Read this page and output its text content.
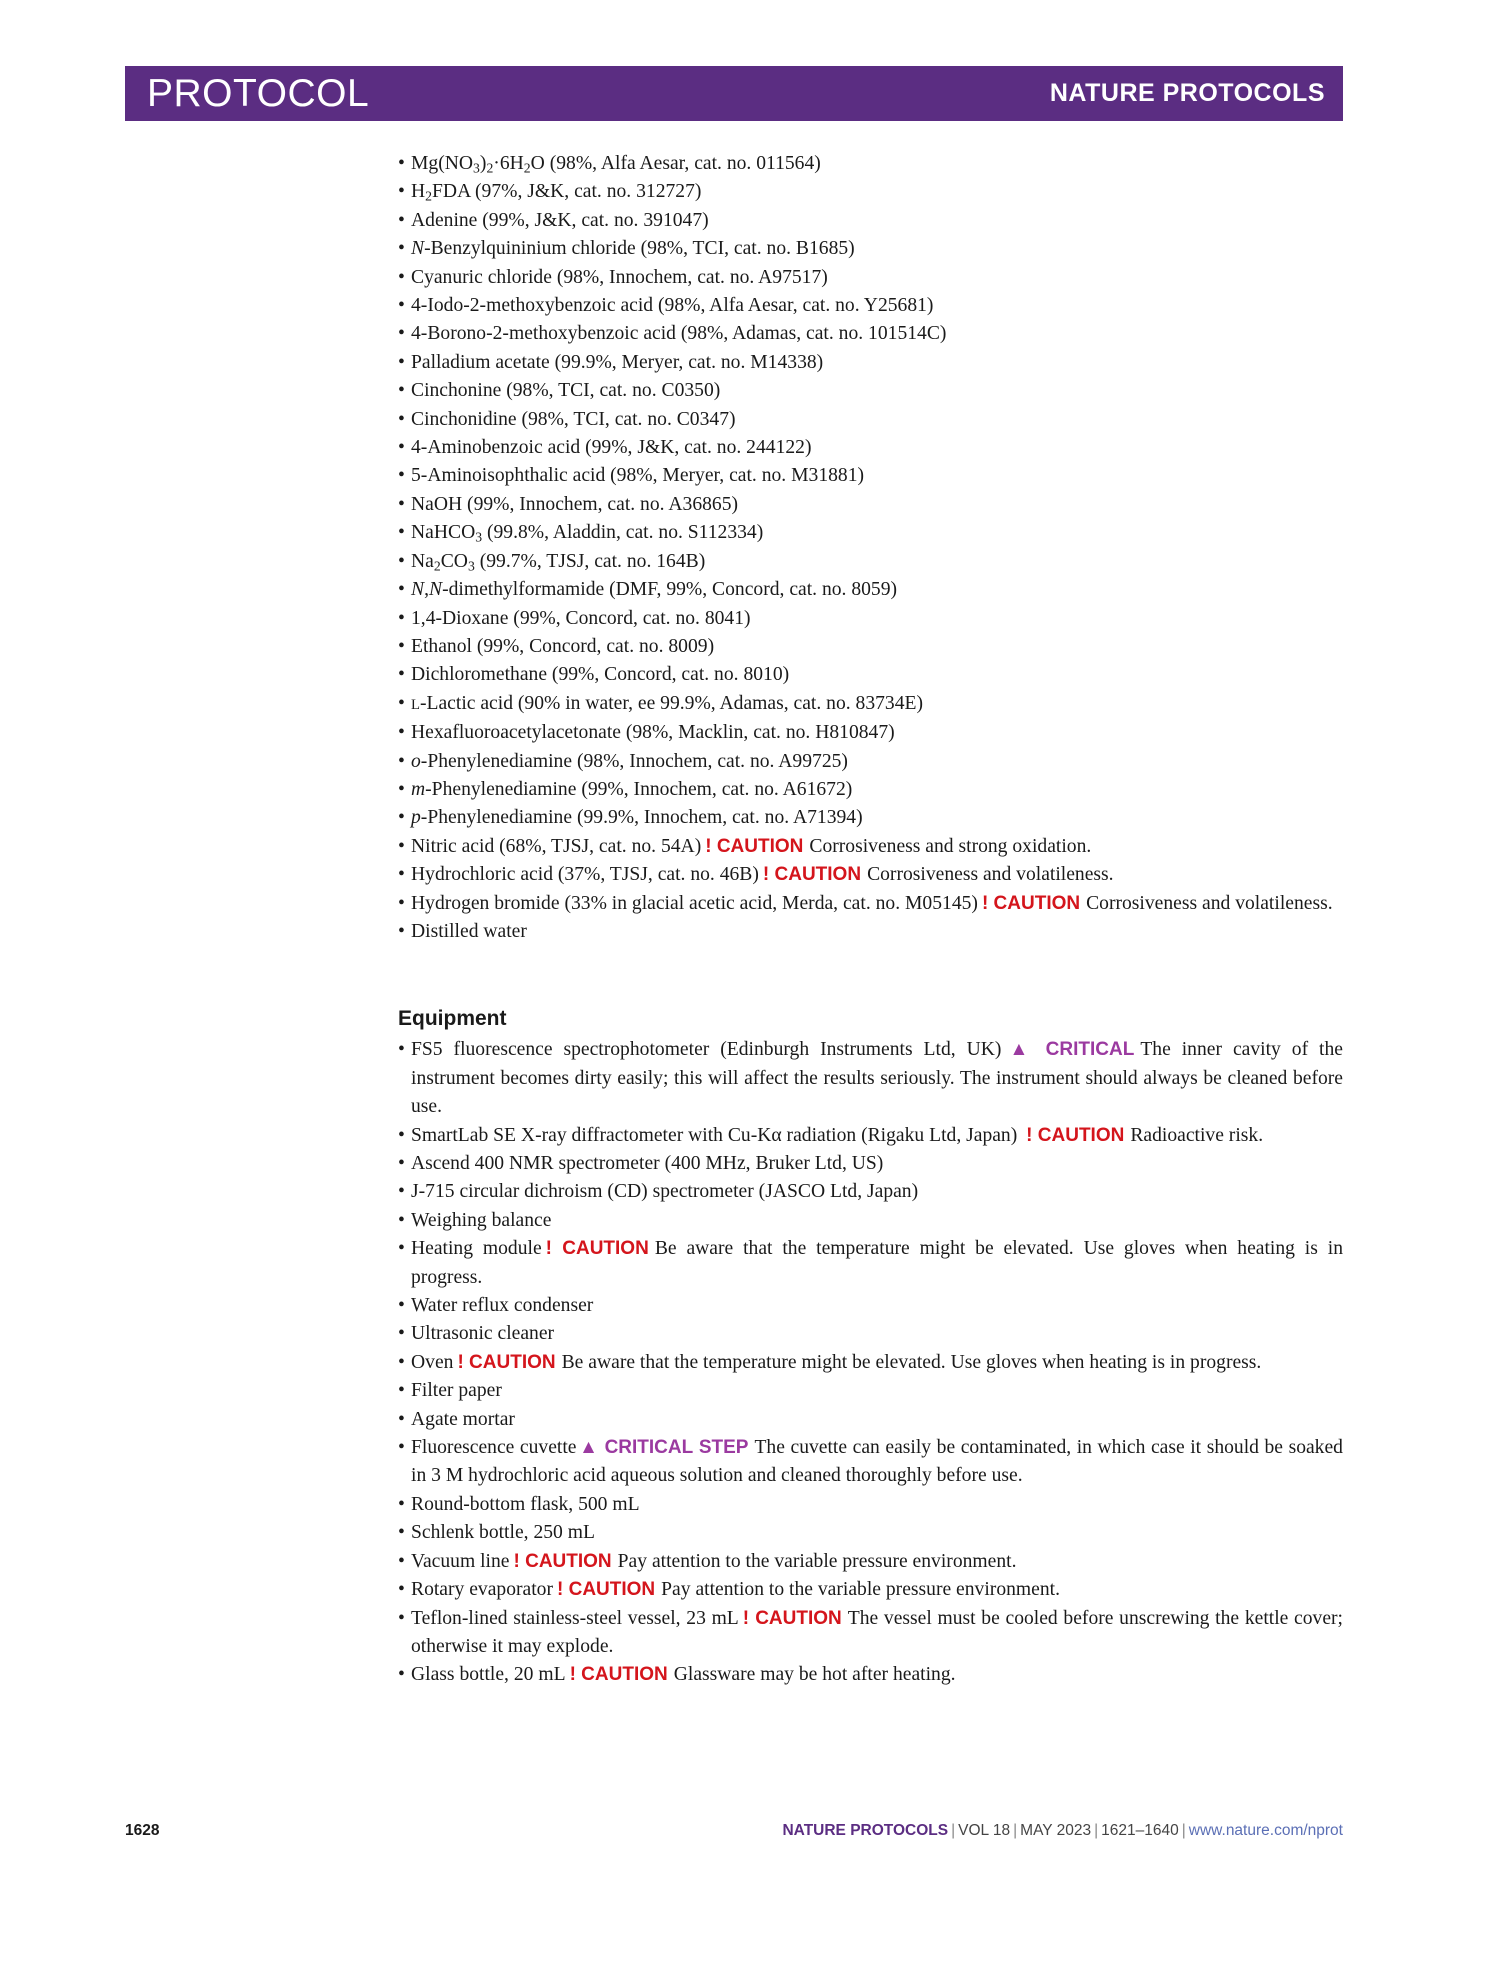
PROTOCOL	NATURE PROTOCOLS
• $Mg(NO_3)_2\cdot 6H_2O$ (98%, Alfa Aesar, cat. no. 011564)
• $H_2FDA$ (97%, J&K, cat. no. 312727)
• Adenine (99%, J&K, cat. no. 391047)
• N-Benzylquininium chloride (98%, TCI, cat. no. B1685)
• Cyanuric chloride (98%, Innochem, cat. no. A97517)
• 4-Iodo-2-methoxybenzoic acid (98%, Alfa Aesar, cat. no. Y25681)
• 4-Borono-2-methoxybenzoic acid (98%, Adamas, cat. no. 101514C)
• Palladium acetate (99.9%, Meryer, cat. no. M14338)
• Cinchonine (98%, TCI, cat. no. C0350)
• Cinchonidine (98%, TCI, cat. no. C0347)
• 4-Aminobenzoic acid (99%, J&K, cat. no. 244122)
• 5-Aminoisophthalic acid (98%, Meryer, cat. no. M31881)
• NaOH (99%, Innochem, cat. no. A36865)
• NaHCO$_3$ (99.8%, Aladdin, cat. no. S112334)
• $Na_2CO_3$ (99.7%, TJSJ, cat. no. 164B)
• N,N-dimethylformamide (DMF, 99%, Concord, cat. no. 8059)
• 1,4-Dioxane (99%, Concord, cat. no. 8041)
• Ethanol (99%, Concord, cat. no. 8009)
• Dichloromethane (99%, Concord, cat. no. 8010)
• L-Lactic acid (90% in water, ee 99.9%, Adamas, cat. no. 83734E)
• Hexafluoroacetylacetonate (98%, Macklin, cat. no. H810847)
• o-Phenylenediamine (98%, Innochem, cat. no. A99725)
• m-Phenylenediamine (99%, Innochem, cat. no. A61672)
• p-Phenylenediamine (99.9%, Innochem, cat. no. A71394)
• Nitric acid (68%, TJSJ, cat. no. 54A) ! CAUTION Corrosiveness and strong oxidation.
• Hydrochloric acid (37%, TJSJ, cat. no. 46B) ! CAUTION Corrosiveness and volatileness.
• Hydrogen bromide (33% in glacial acetic acid, Merda, cat. no. M05145) ! CAUTION Corrosiveness and volatileness.
• Distilled water
Equipment
• FS5 fluorescence spectrophotometer (Edinburgh Instruments Ltd, UK) ▲ CRITICAL The inner cavity of the instrument becomes dirty easily; this will affect the results seriously. The instrument should always be cleaned before use.
• SmartLab SE X-ray diffractometer with Cu-Kα radiation (Rigaku Ltd, Japan) ! CAUTION Radioactive risk.
• Ascend 400 NMR spectrometer (400 MHz, Bruker Ltd, US)
• J-715 circular dichroism (CD) spectrometer (JASCO Ltd, Japan)
• Weighing balance
• Heating module ! CAUTION Be aware that the temperature might be elevated. Use gloves when heating is in progress.
• Water reflux condenser
• Ultrasonic cleaner
• Oven ! CAUTION Be aware that the temperature might be elevated. Use gloves when heating is in progress.
• Filter paper
• Agate mortar
• Fluorescence cuvette ▲ CRITICAL STEP The cuvette can easily be contaminated, in which case it should be soaked in 3 M hydrochloric acid aqueous solution and cleaned thoroughly before use.
• Round-bottom flask, 500 mL
• Schlenk bottle, 250 mL
• Vacuum line ! CAUTION Pay attention to the variable pressure environment.
• Rotary evaporator ! CAUTION Pay attention to the variable pressure environment.
• Teflon-lined stainless-steel vessel, 23 mL ! CAUTION The vessel must be cooled before unscrewing the kettle cover; otherwise it may explode.
• Glass bottle, 20 mL ! CAUTION Glassware may be hot after heating.
1628	NATURE PROTOCOLS | VOL 18 | MAY 2023 | 1621–1640 | www.nature.com/nprot
